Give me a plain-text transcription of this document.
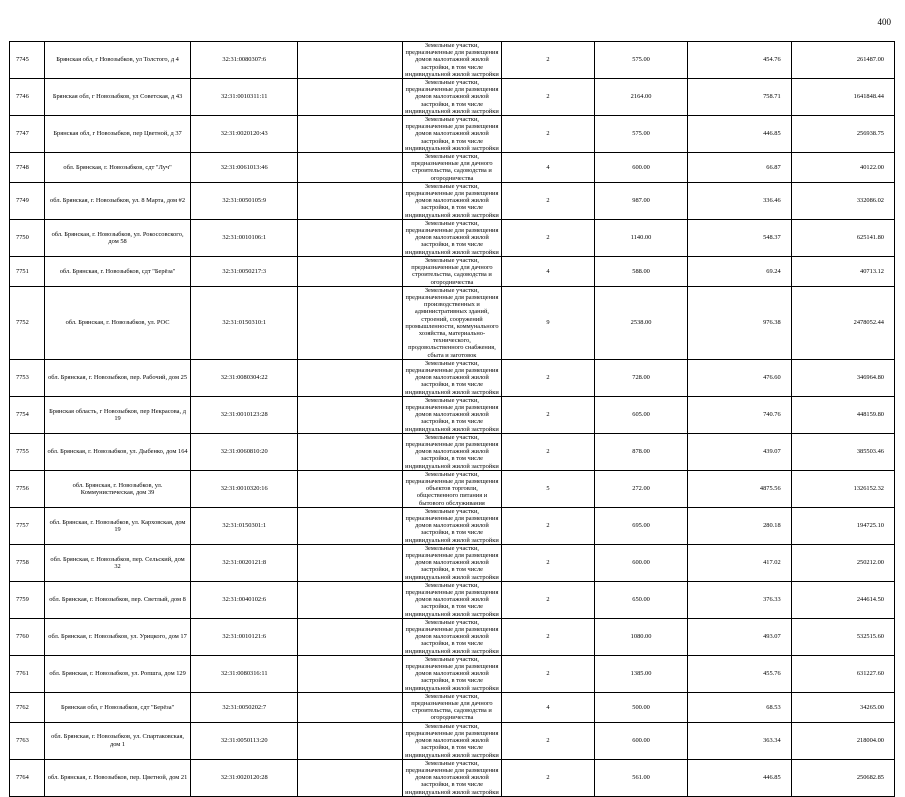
400
7745	Брянская обл, г Новозыбков, ул Толстого, д 4	32:31:0080307:6		Земельные участки, предназначенные для размещения домов малоэтажной жилой застройки, в том числе индивидуальной жилой застройки	2	575.00	454.76	261487.00
7746	Брянская обл, г Новозыбков, ул Советская, д 43	32:31:0010311:11		Земельные участки, предназначенные для размещения домов малоэтажной жилой застройки, в том числе индивидуальной жилой застройки	2	2164.00	758.71	1641848.44
7747	Брянская обл, г Новозыбков, пер Цветной, д 37	32:31:0020120:43		Земельные участки, предназначенные для размещения домов малоэтажной жилой застройки, в том числе индивидуальной жилой застройки	2	575.00	446.85	256938.75
7748	обл. Брянская, г. Новозыбков, сдт "Луч"	32:31:0061013:46		Земельные участки, предназначенные для дачного строительства, садоводства и огородничества	4	600.00	66.87	40122.00
7749	обл. Брянская, г. Новозыбков, ул. 8 Марта, дом #2	32:31:0050105:9		Земельные участки, предназначенные для размещения домов малоэтажной жилой застройки, в том числе индивидуальной жилой застройки	2	987.00	336.46	332086.02
7750	обл. Брянская, г. Новозыбков, ул. Рокоссовского, дом 58	32:31:0010106:1		Земельные участки, предназначенные для размещения домов малоэтажной жилой застройки, в том числе индивидуальной жилой застройки	2	1140.00	548.37	625141.80
7751	обл. Брянская, г. Новозыбков, сдт "Берёза"	32:31:0050217:3		Земельные участки, предназначенные для дачного строительства, садоводства и огородничества	4	588.00	69.24	40713.12
7752	обл. Брянская, г. Новозыбков, ул. РОС	32:31:0150310:1		Земельные участки, предназначенные для размещения производственных и административных зданий, строений, сооружений промышленности, коммунального хозяйства, материально-технического, продовольственного снабжения, сбыта и заготовок	9	2538.00	976.38	2478052.44
7753	обл. Брянская, г. Новозыбков, пер. Рабочий, дом 25	32:31:0080304:22		Земельные участки, предназначенные для размещения домов малоэтажной жилой застройки, в том числе индивидуальной жилой застройки	2	728.00	476.60	346964.80
7754	Брянская область, г Новозыбков, пер Некрасова, д 19	32:31:0010123:28		Земельные участки, предназначенные для размещения домов малоэтажной жилой застройки, в том числе индивидуальной жилой застройки	2	605.00	740.76	448159.80
7755	обл. Брянская, г. Новозыбков, ул. Дыбенко, дом 164	32:31:0060810:20		Земельные участки, предназначенные для размещения домов малоэтажной жилой застройки, в том числе индивидуальной жилой застройки	2	878.00	439.07	385503.46
7756	обл. Брянская, г. Новозыбков, ул. Коммунистическая, дом 39	32:31:0010320:16		Земельные участки, предназначенные для размещения объектов торговли, общественного питания и бытового обслуживания	5	272.00	4875.56	1326152.32
7757	обл. Брянская, г. Новозыбков, ул. Карховская, дом 19	32:31:0150301:1		Земельные участки, предназначенные для размещения домов малоэтажной жилой застройки, в том числе индивидуальной жилой застройки	2	695.00	280.18	194725.10
7758	обл. Брянская, г. Новозыбков, пер. Сельский, дом 32	32:31:0020121:8		Земельные участки, предназначенные для размещения домов малоэтажной жилой застройки, в том числе индивидуальной жилой застройки	2	600.00	417.02	250212.00
7759	обл. Брянская, г. Новозыбков, пер. Светлый, дом 8	32:31:0040102:6		Земельные участки, предназначенные для размещения домов малоэтажной жилой застройки, в том числе индивидуальной жилой застройки	2	650.00	376.33	244614.50
7760	обл. Брянская, г. Новозыбков, ул. Урицкого, дом 17	32:31:0010121:6		Земельные участки, предназначенные для размещения домов малоэтажной жилой застройки, в том числе индивидуальной жилой застройки	2	1080.00	493.07	532515.60
7761	обл. Брянская, г. Новозыбков, ул. Ропшга, дом 129	32:31:0080316:11		Земельные участки, предназначенные для размещения домов малоэтажной жилой застройки, в том числе индивидуальной жилой застройки	2	1385.00	455.76	631227.60
7762	Брянская обл, г Новозыбков, сдт "Берёза"	32:31:0050202:7		Земельные участки, предназначенные для дачного строительства, садоводства и огородничества	4	500.00	68.53	34265.00
7763	обл. Брянская, г. Новозыбков, ул. Спартаковская, дом 1	32:31:0050113:20		Земельные участки, предназначенные для размещения домов малоэтажной жилой застройки, в том числе индивидуальной жилой застройки	2	600.00	363.34	218004.00
7764	обл. Брянская, г. Новозыбков, пер. Цветной, дом 21	32:31:0020120:28		Земельные участки, предназначенные для размещения домов малоэтажной жилой застройки, в том числе индивидуальной жилой застройки	2	561.00	446.85	250682.85
